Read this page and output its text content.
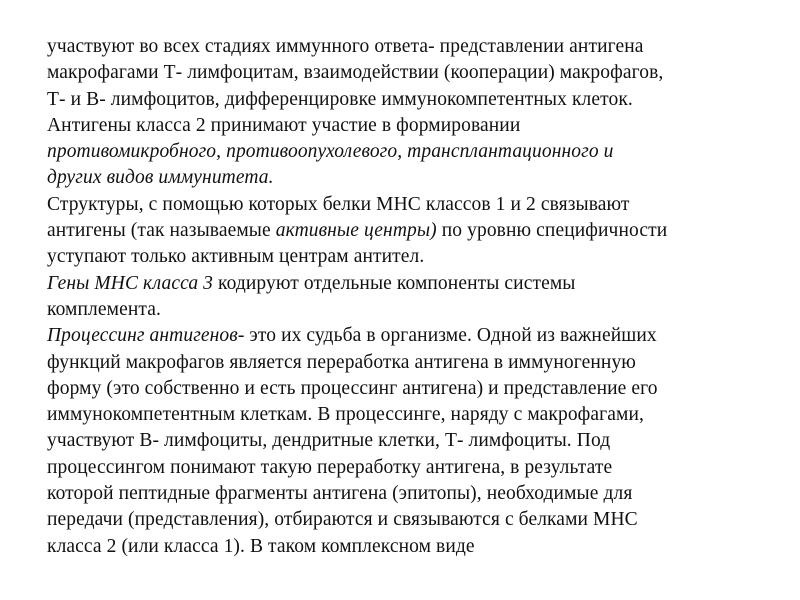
участвуют во всех стадиях иммунного ответа- представлении антигена
макрофагами Т- лимфоцитам, взаимодействии (кооперации) макрофагов,
Т- и В- лимфоцитов, дифференцировке иммунокомпетентных клеток.
Антигены класса 2 принимают участие в формировании
противомикробного, противоопухолевого, трансплантационного и
других видов иммунитета.
Структуры, с помощью которых белки МНС классов 1 и 2 связывают
антигены (так называемые активные центры) по уровню специфичности
уступают только активным центрам антител.
Гены МНС класса 3 кодируют отдельные компоненты системы
комплемента.
Процессинг антигенов- это их судьба в организме. Одной из важнейших
функций макрофагов является переработка антигена в иммуногенную
форму (это собственно и есть процессинг антигена) и представление его
иммунокомпетентным клеткам. В процессинге, наряду с макрофагами,
участвуют В- лимфоциты, дендритные клетки, Т- лимфоциты. Под
процессингом понимают такую переработку антигена, в результате
которой пептидные фрагменты антигена (эпитопы), необходимые для
передачи (представления), отбираются и связываются с белками МНС
класса 2 (или класса 1). В таком комплексном виде
